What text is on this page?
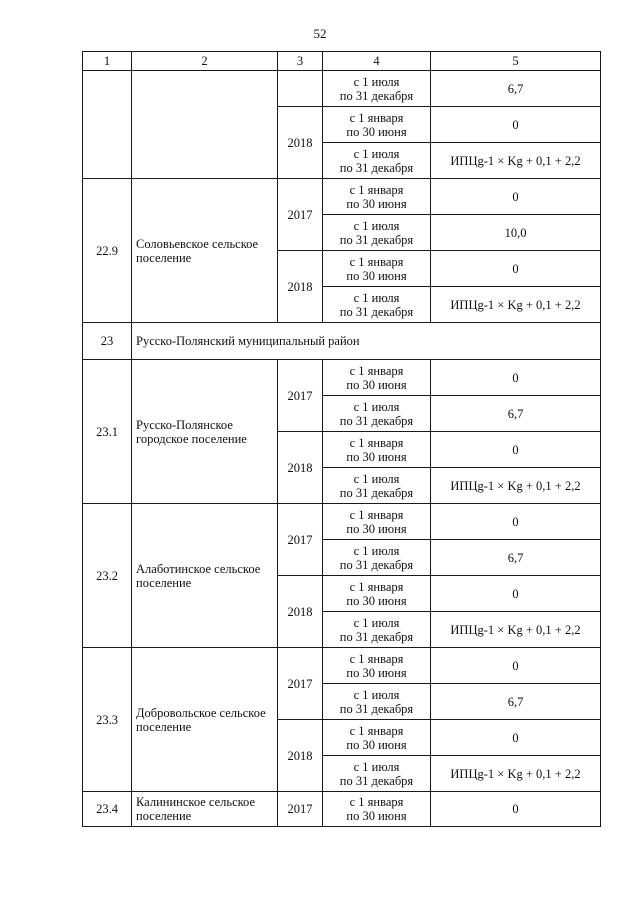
52
1	2	3	4	5

			с 1 июля
по 31 декабря	6,7
		2018	с 1 января
по 30 июня	0

			с 1 июля
по 31 декабря	ИПЦg-1 × Kg + 0,1 + 2,2
22.9	Соловьевское сельское
поселение	2017	с 1 января
по 30 июня	0

			с 1 июля
по 31 декабря	10,0
		2018	с 1 января
по 30 июня	0

			с 1 июля
по 31 декабря	ИПЦg-1 × Kg + 0,1 + 2,2
23	Русско-Полянский муниципальный район			
23.1	Русско-Полянское
городское поселение	2017	с 1 января
по 30 июня	0

			с 1 июля
по 31 декабря	6,7
		2018	с 1 января
по 30 июня	0

			с 1 июля
по 31 декабря	ИПЦg-1 × Kg + 0,1 + 2,2
23.2	Алаботинское сельское
поселение	2017	с 1 января
по 30 июня	0

			с 1 июля
по 31 декабря	6,7
		2018	с 1 января
по 30 июня	0

			с 1 июля
по 31 декабря	ИПЦg-1 × Kg + 0,1 + 2,2
23.3	Добровольское сельское
поселение	2017	с 1 января
по 30 июня	0

			с 1 июля
по 31 декабря	6,7
		2018	с 1 января
по 30 июня	0

			с 1 июля
по 31 декабря	ИПЦg-1 × Kg + 0,1 + 2,2
23.4	Калининское сельское
поселение	2017	с 1 января
по 30 июня	0
